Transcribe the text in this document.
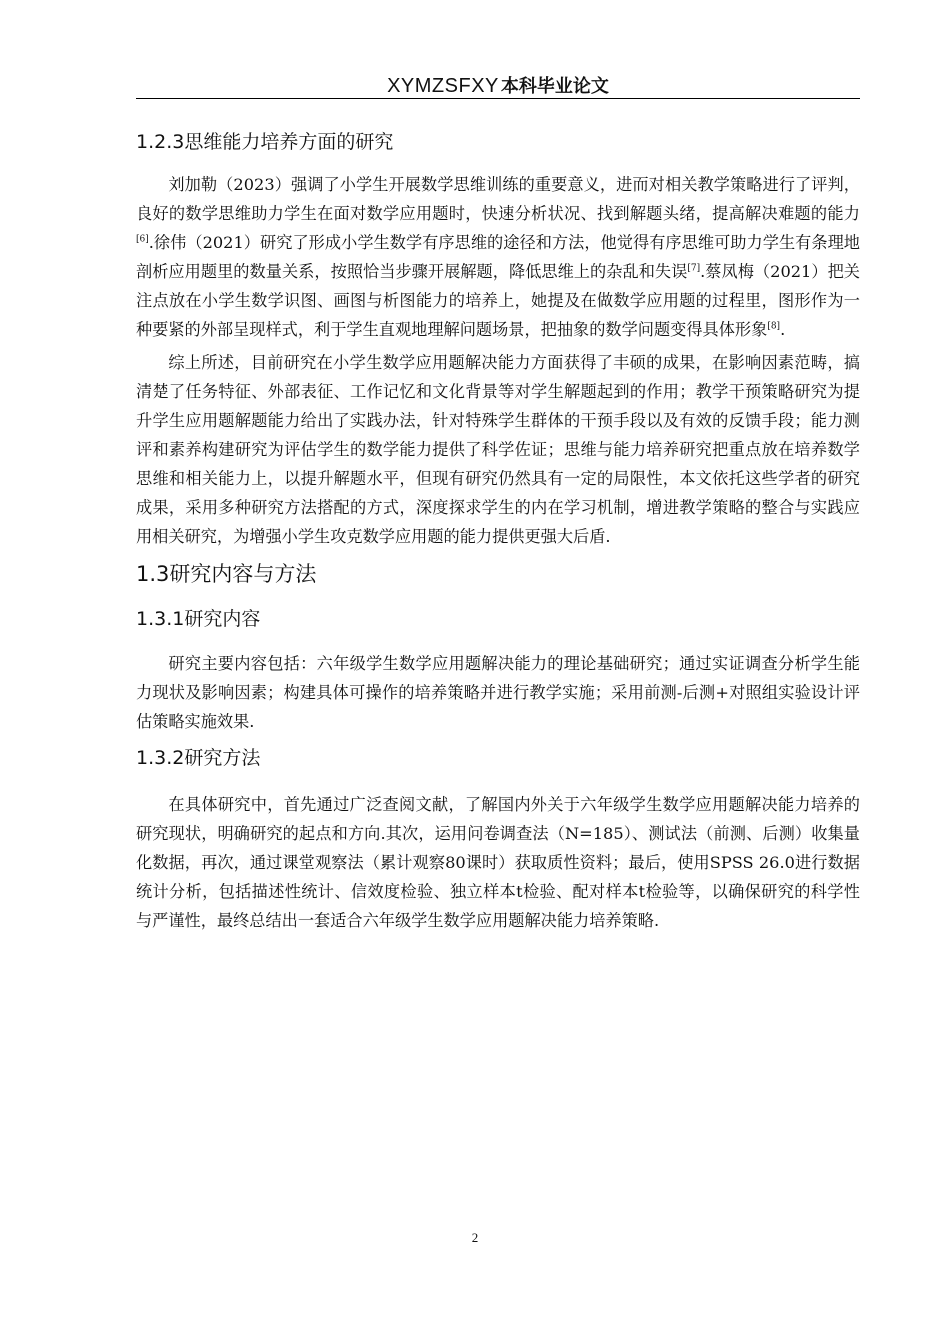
XYMZSFXY 本科毕业论文
1.2.3思维能力培养方面的研究

刘加勒（2023）强调了小学生开展数学思维训练的重要意义，进而对相关教学策略进行了评判，良好的数学思维助力学生在面对数学应用题时，快速分析状况、找到解题头绪，提高解决难题的能力[6].徐伟（2021）研究了形成小学生数学有序思维的途径和方法，他觉得有序思维可助力学生有条理地剖析应用题里的数量关系，按照恰当步骤开展解题，降低思维上的杂乱和失误[7].蔡凤梅（2021）把关注点放在小学生数学识图、画图与析图能力的培养上，她提及在做数学应用题的过程里，图形作为一种要紧的外部呈现样式，利于学生直观地理解问题场景，把抽象的数学问题变得具体形象[8].

综上所述，目前研究在小学生数学应用题解决能力方面获得了丰硕的成果，在影响因素范畴，搞清楚了任务特征、外部表征、工作记忆和文化背景等对学生解题起到的作用；教学干预策略研究为提升学生应用题解题能力给出了实践办法，针对特殊学生群体的干预手段以及有效的反馈手段；能力测评和素养构建研究为评估学生的数学能力提供了科学佐证；思维与能力培养研究把重点放在培养数学思维和相关能力上，以提升解题水平，但现有研究仍然具有一定的局限性，本文依托这些学者的研究成果，采用多种研究方法搭配的方式，深度探求学生的内在学习机制，增进教学策略的整合与实践应用相关研究，为增强小学生攻克数学应用题的能力提供更强大后盾.

1.3研究内容与方法
1.3.1研究内容

研究主要内容包括：六年级学生数学应用题解决能力的理论基础研究；通过实证调查分析学生能力现状及影响因素；构建具体可操作的培养策略并进行教学实施；采用前测-后测+对照组实验设计评估策略实施效果.

1.3.2研究方法

在具体研究中，首先通过广泛查阅文献，了解国内外关于六年级学生数学应用题解决能力培养的研究现状，明确研究的起点和方向.其次，运用问卷调查法（N=185）、测试法（前测、后测）收集量化数据，再次，通过课堂观察法（累计观察80课时）获取质性资料；最后，使用SPSS 26.0进行数据统计分析，包括描述性统计、信效度检验、独立样本t检验、配对样本t检验等，以确保研究的科学性与严谨性，最终总结出一套适合六年级学生数学应用题解决能力培养策略.

2
